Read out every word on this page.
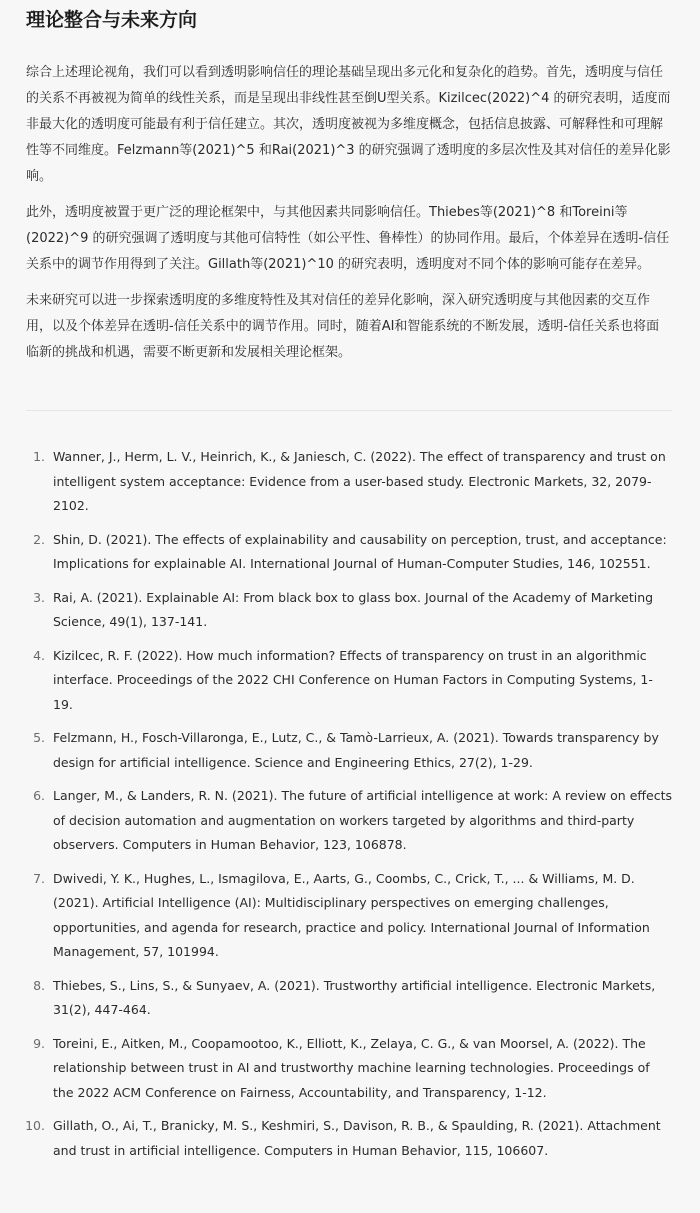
理论整合与未来方向

综合上述理论视角，我们可以看到透明影响信任的理论基础呈现出多元化和复杂化的趋势。首先，透明度与信任的关系不再被视为简单的线性关系，而是呈现出非线性甚至倒U型关系。Kizilcec(2022)^4 的研究表明，适度而非最大化的透明度可能最有利于信任建立。其次，透明度被视为多维度概念，包括信息披露、可解释性和可理解性等不同维度。Felzmann等(2021)^5 和Rai(2021)^3 的研究强调了透明度的多层次性及其对信任的差异化影响。

此外，透明度被置于更广泛的理论框架中，与其他因素共同影响信任。Thiebes等(2021)^8 和Toreini等(2022)^9 的研究强调了透明度与其他可信特性（如公平性、鲁棒性）的协同作用。最后，个体差异在透明-信任关系中的调节作用得到了关注。Gillath等(2021)^10 的研究表明，透明度对不同个体的影响可能存在差异。

未来研究可以进一步探索透明度的多维度特性及其对信任的差异化影响，深入研究透明度与其他因素的交互作用，以及个体差异在透明-信任关系中的调节作用。同时，随着AI和智能系统的不断发展，透明-信任关系也将面临新的挑战和机遇，需要不断更新和发展相关理论框架。

1. Wanner, J., Herm, L. V., Heinrich, K., & Janiesch, C. (2022). The effect of transparency and trust on intelligent system acceptance: Evidence from a user-based study. Electronic Markets, 32, 2079-2102.
2. Shin, D. (2021). The effects of explainability and causability on perception, trust, and acceptance: Implications for explainable AI. International Journal of Human-Computer Studies, 146, 102551.
3. Rai, A. (2021). Explainable AI: From black box to glass box. Journal of the Academy of Marketing Science, 49(1), 137-141.
4. Kizilcec, R. F. (2022). How much information? Effects of transparency on trust in an algorithmic interface. Proceedings of the 2022 CHI Conference on Human Factors in Computing Systems, 1-19.
5. Felzmann, H., Fosch-Villaronga, E., Lutz, C., & Tamò-Larrieux, A. (2021). Towards transparency by design for artificial intelligence. Science and Engineering Ethics, 27(2), 1-29.
6. Langer, M., & Landers, R. N. (2021). The future of artificial intelligence at work: A review on effects of decision automation and augmentation on workers targeted by algorithms and third-party observers. Computers in Human Behavior, 123, 106878.
7. Dwivedi, Y. K., Hughes, L., Ismagilova, E., Aarts, G., Coombs, C., Crick, T., ... & Williams, M. D. (2021). Artificial Intelligence (AI): Multidisciplinary perspectives on emerging challenges, opportunities, and agenda for research, practice and policy. International Journal of Information Management, 57, 101994.
8. Thiebes, S., Lins, S., & Sunyaev, A. (2021). Trustworthy artificial intelligence. Electronic Markets, 31(2), 447-464.
9. Toreini, E., Aitken, M., Coopamootoo, K., Elliott, K., Zelaya, C. G., & van Moorsel, A. (2022). The relationship between trust in AI and trustworthy machine learning technologies. Proceedings of the 2022 ACM Conference on Fairness, Accountability, and Transparency, 1-12.
10. Gillath, O., Ai, T., Branicky, M. S., Keshmiri, S., Davison, R. B., & Spaulding, R. (2021). Attachment and trust in artificial intelligence. Computers in Human Behavior, 115, 106607.
